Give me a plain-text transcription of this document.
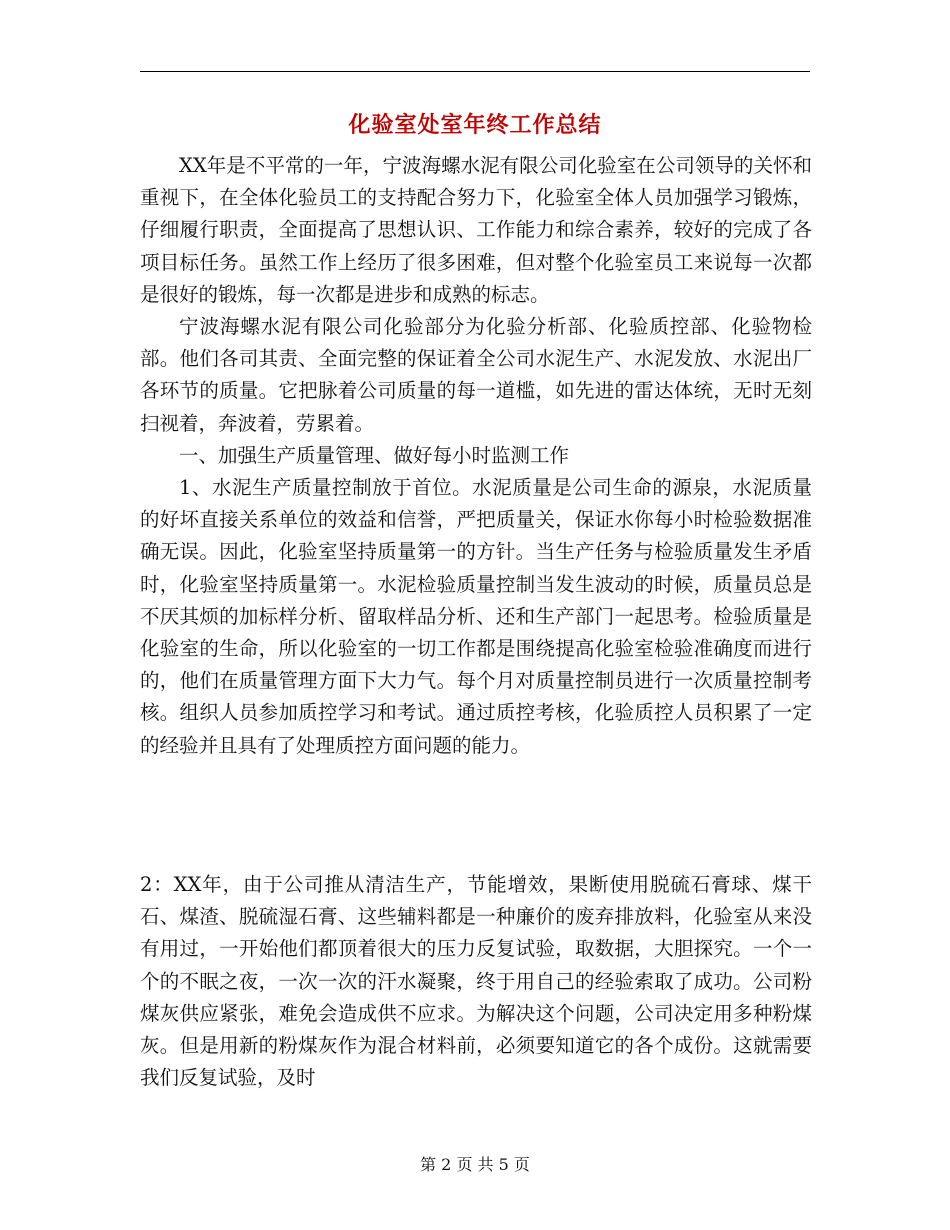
化验室处室年终工作总结

XX年是不平常的一年，宁波海螺水泥有限公司化验室在公司领导的关怀和重视下，在全体化验员工的支持配合努力下，化验室全体人员加强学习锻炼，仔细履行职责，全面提高了思想认识、工作能力和综合素养，较好的完成了各项目标任务。虽然工作上经历了很多困难，但对整个化验室员工来说每一次都是很好的锻炼，每一次都是进步和成熟的标志。

宁波海螺水泥有限公司化验部分为化验分析部、化验质控部、化验物检部。他们各司其责、全面完整的保证着全公司水泥生产、水泥发放、水泥出厂各环节的质量。它把脉着公司质量的每一道槛，如先进的雷达体统，无时无刻扫视着，奔波着，劳累着。

一、加强生产质量管理、做好每小时监测工作

1、水泥生产质量控制放于首位。水泥质量是公司生命的源泉，水泥质量的好坏直接关系单位的效益和信誉，严把质量关，保证水你每小时检验数据准确无误。因此，化验室坚持质量第一的方针。当生产任务与检验质量发生矛盾时，化验室坚持质量第一。水泥检验质量控制当发生波动的时候，质量员总是不厌其烦的加标样分析、留取样品分析、还和生产部门一起思考。检验质量是化验室的生命，所以化验室的一切工作都是围绕提高化验室检验准确度而进行的，他们在质量管理方面下大力气。每个月对质量控制员进行一次质量控制考核。组织人员参加质控学习和考试。通过质控考核，化验质控人员积累了一定的经验并且具有了处理质控方面问题的能力。

2：XX年，由于公司推从清洁生产，节能增效，果断使用脱硫石膏球、煤干石、煤渣、脱硫湿石膏、这些辅料都是一种廉价的废弃排放料，化验室从来没有用过，一开始他们都顶着很大的压力反复试验，取数据，大胆探究。一个一个的不眠之夜，一次一次的汗水凝聚，终于用自己的经验索取了成功。公司粉煤灰供应紧张，难免会造成供不应求。为解决这个问题，公司决定用多种粉煤灰。但是用新的粉煤灰作为混合材料前，必须要知道它的各个成份。这就需要我们反复试验，及时

第 2 页 共 5 页
